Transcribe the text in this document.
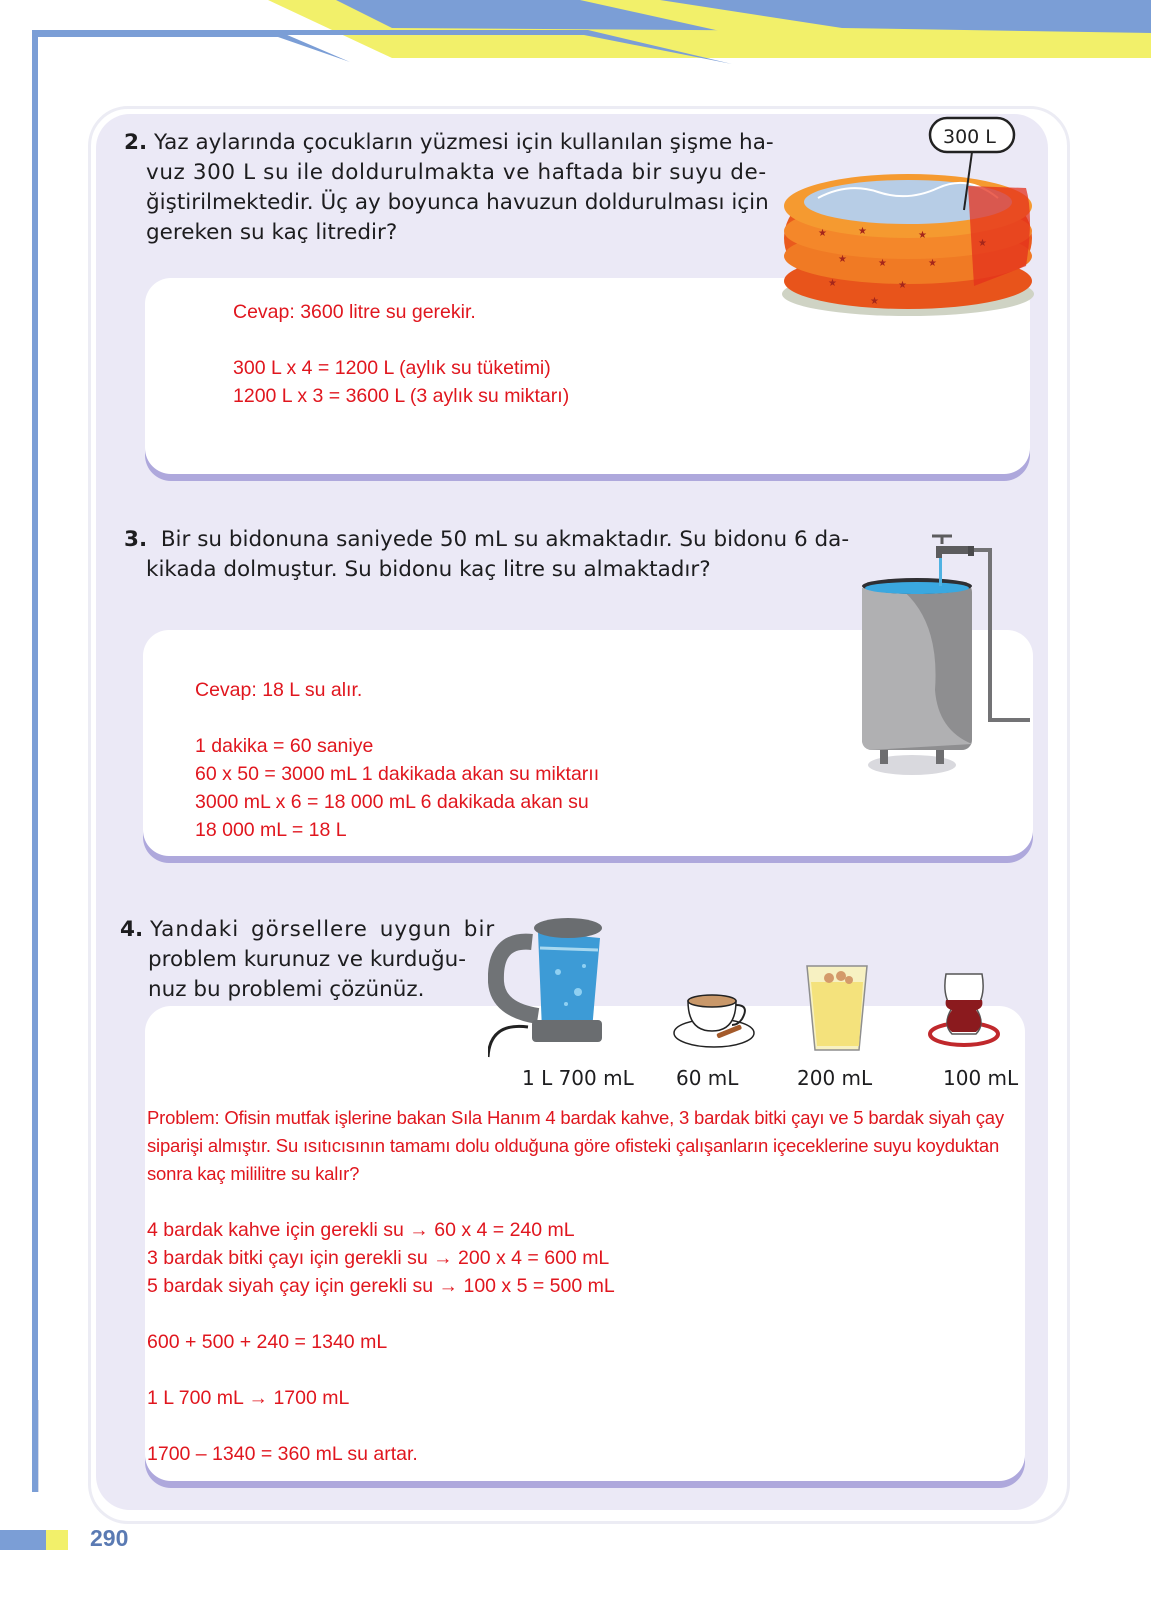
2. Yaz aylarında çocukların yüzmesi için kullanılan şişme ha-
vuz 300 L su ile doldurulmakta ve haftada bir suyu de-
ğiştirilmektedir. Üç ay boyunca havuzun doldurulması için
gereken su kaç litredir?
Cevap: 3600 litre su gerekir.
300 L x 4 = 1200 L (aylık su tüketimi)
1200 L x 3 = 3600 L (3 aylık su miktarı)
★	★	★
★	★	★
★	★
★
★
300 L
3. Bir su bidonuna saniyede 50 mL su akmaktadır. Su bidonu 6 da-
kikada dolmuştur. Su bidonu kaç litre su almaktadır?
Cevap: 18 L su alır.
1 dakika = 60 saniye
60 x 50 = 3000 mL 1 dakikada akan su miktarıı
3000 mL x 6 = 18 000 mL 6 dakikada akan su
18 000 mL = 18 L
4. Yandaki görsellere uygun bir
problem kurunuz ve kurduğu-
nuz bu problemi çözünüz.
Problem: Ofisin mutfak işlerine bakan Sıla Hanım 4 bardak kahve, 3 bardak bitki çayı ve 5 bardak siyah çay
siparişi almıştır. Su ısıtıcısının tamamı dolu olduğuna göre ofisteki çalışanların içeceklerine suyu koyduktan
sonra kaç mililitre su kalır?
4 bardak kahve için gerekli su → 60 x 4 = 240 mL
3 bardak bitki çayı için gerekli su → 200 x 4 = 600 mL
5 bardak siyah çay için gerekli su → 100 x 5 = 500 mL
600 + 500 + 240 = 1340 mL
1 L 700 mL → 1700 mL
1700 – 1340 = 360 mL su artar.
1 L 700 mL 60 mL	200 mL	100 mL
290
